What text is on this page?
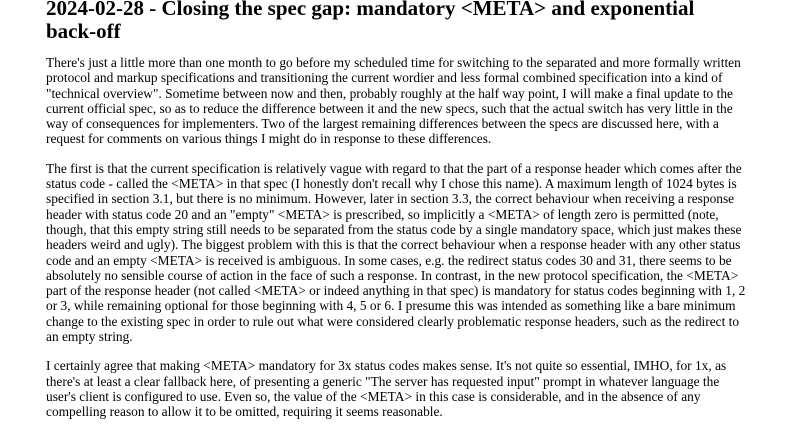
2024-02-28 - Closing the spec gap: mandatory <META> and exponential back-off

There's just a little more than one month to go before my scheduled time for switching to the separated and more formally written protocol and markup specifications and transitioning the current wordier and less formal combined specification into a kind of "technical overview". Sometime between now and then, probably roughly at the half way point, I will make a final update to the current official spec, so as to reduce the difference between it and the new specs, such that the actual switch has very little in the way of consequences for implementers. Two of the largest remaining differences between the specs are discussed here, with a request for comments on various things I might do in response to these differences.

The first is that the current specification is relatively vague with regard to that the part of a response header which comes after the status code - called the <META> in that spec (I honestly don't recall why I chose this name). A maximum length of 1024 bytes is specified in section 3.1, but there is no minimum. However, later in section 3.3, the correct behaviour when receiving a response header with status code 20 and an "empty" <META> is prescribed, so implicitly a <META> of length zero is permitted (note, though, that this empty string still needs to be separated from the status code by a single mandatory space, which just makes these headers weird and ugly). The biggest problem with this is that the correct behaviour when a response header with any other status code and an empty <META> is received is ambiguous. In some cases, e.g. the redirect status codes 30 and 31, there seems to be absolutely no sensible course of action in the face of such a response. In contrast, in the new protocol specification, the <META> part of the response header (not called <META> or indeed anything in that spec) is mandatory for status codes beginning with 1, 2 or 3, while remaining optional for those beginning with 4, 5 or 6. I presume this was intended as something like a bare minimum change to the existing spec in order to rule out what were considered clearly problematic response headers, such as the redirect to an empty string.

I certainly agree that making <META> mandatory for 3x status codes makes sense. It's not quite so essential, IMHO, for 1x, as there's at least a clear fallback here, of presenting a generic "The server has requested input" prompt in whatever language the user's client is configured to use. Even so, the value of the <META> in this case is considerable, and in the absence of any compelling reason to allow it to be omitted, requiring it seems reasonable.
